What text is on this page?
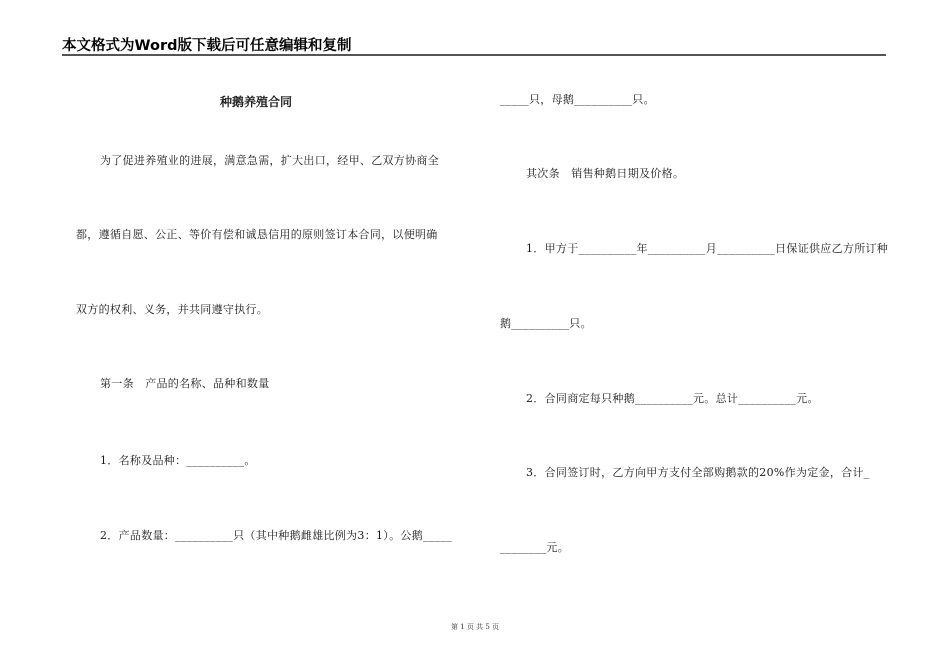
本文格式为Word版下载后可任意编辑和复制
种鹅养殖合同
为了促进养殖业的进展，满意急需，扩大出口，经甲、乙双方协商全
都，遵循自愿、公正、等价有偿和诚恳信用的原则签订本合同，以便明确
双方的权利、义务，并共同遵守执行。
第一条　产品的名称、品种和数量
1．名称及品种：__________。
2．产品数量：__________只（其中种鹅雌雄比例为3：1）。公鹅_____
_____只，母鹅__________只。
其次条　销售种鹅日期及价格。
1．甲方于__________年__________月__________日保证供应乙方所订种
鹅__________只。
2．合同商定每只种鹅__________元。总计__________元。
3．合同签订时，乙方向甲方支付全部购鹅款的20%作为定金，合计_
________元。
第 1 页 共 5 页
